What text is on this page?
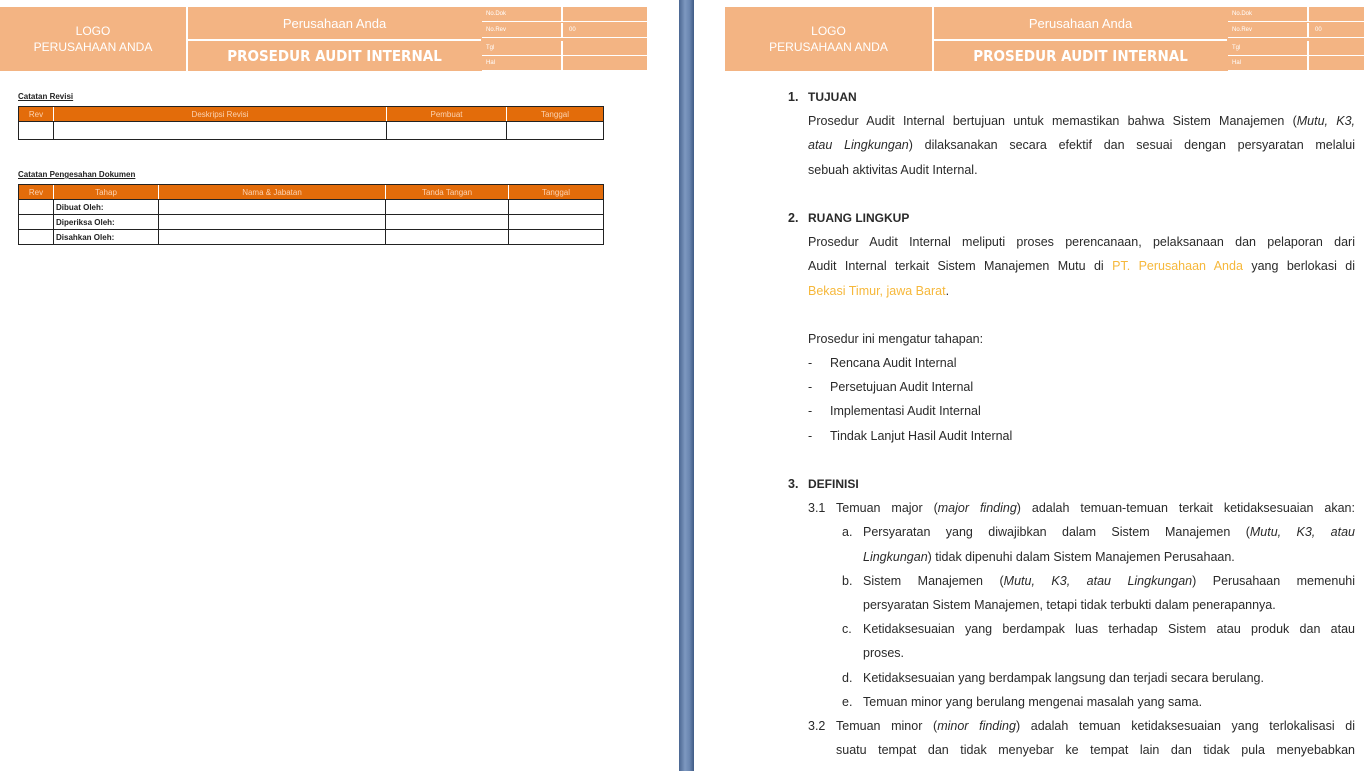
LOGO
PERUSAHAAN ANDA
Perusahaan Anda
PROSEDUR AUDIT INTERNAL
No.Dok
No.Rev	00
Tgl
Hal
Catatan Revisi
Rev	Deskripsi Revisi	Pembuat	Tanggal

Catatan Pengesahan Dokumen
Rev	Tahap	Nama & Jabatan	Tanda Tangan	Tanggal
	Dibuat Oleh:			
	Diperiksa Oleh:			
	Disahkan Oleh:			
LOGO
PERUSAHAAN ANDA
Perusahaan Anda
PROSEDUR AUDIT INTERNAL
No.Dok
No.Rev	00
Tgl
Hal
1. TUJUAN
Prosedur Audit Internal bertujuan untuk memastikan bahwa Sistem Manajemen (Mutu, K3,
atau Lingkungan) dilaksanakan secara efektif dan sesuai dengan persyaratan melalui
sebuah aktivitas Audit Internal.
2. RUANG LINGKUP
Prosedur Audit Internal meliputi proses perencanaan, pelaksanaan dan pelaporan dari
Audit Internal terkait Sistem Manajemen Mutu di PT. Perusahaan Anda yang berlokasi di
Bekasi Timur, jawa Barat.
Prosedur ini mengatur tahapan:
- Rencana Audit Internal
- Persetujuan Audit Internal
- Implementasi Audit Internal
- Tindak Lanjut Hasil Audit Internal
3. DEFINISI
3.1 Temuan major (major finding) adalah temuan-temuan terkait ketidaksesuaian akan:
a. Persyaratan yang diwajibkan dalam Sistem Manajemen (Mutu, K3, atau
Lingkungan) tidak dipenuhi dalam Sistem Manajemen Perusahaan.
b. Sistem Manajemen (Mutu, K3, atau Lingkungan) Perusahaan memenuhi
persyaratan Sistem Manajemen, tetapi tidak terbukti dalam penerapannya.
c. Ketidaksesuaian yang berdampak luas terhadap Sistem atau produk dan atau
proses.
d. Ketidaksesuaian yang berdampak langsung dan terjadi secara berulang.
e. Temuan minor yang berulang mengenai masalah yang sama.
3.2 Temuan minor (minor finding) adalah temuan ketidaksesuaian yang terlokalisasi di
suatu tempat dan tidak menyebar ke tempat lain dan tidak pula menyebabkan
